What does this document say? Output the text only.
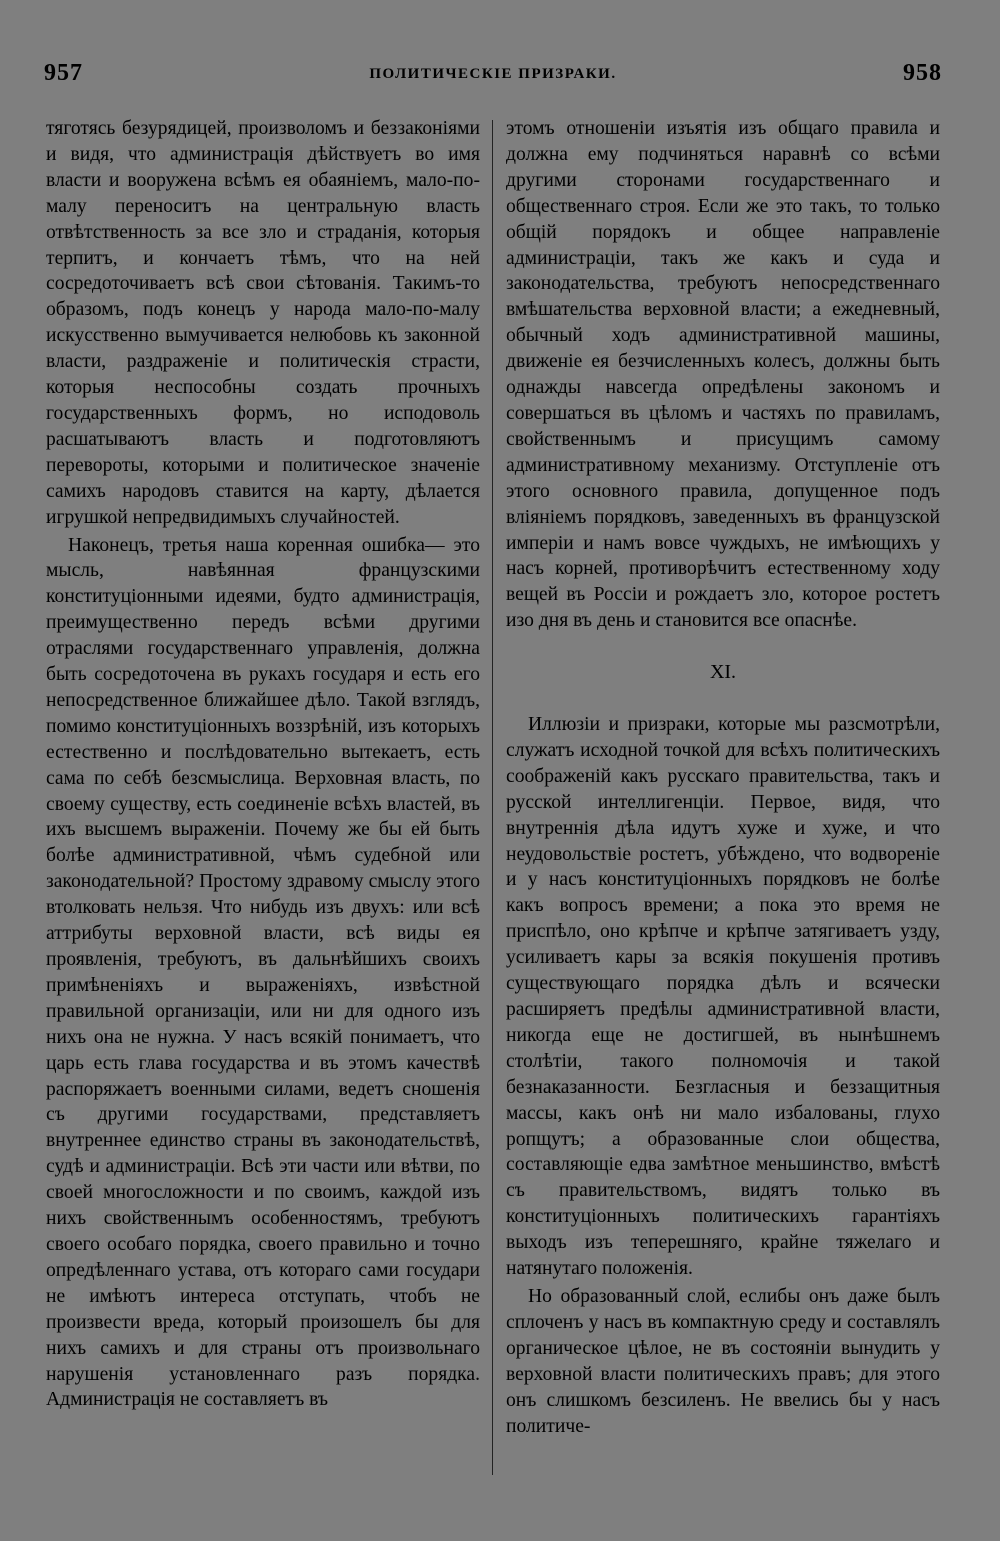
957	ПОЛИТИЧЕСКІЕ ПРИЗРАКИ.	958

тяготясь безурядицей, произволомъ и беззаконіями и видя, что администрація дѣйствуетъ во имя власти и вооружена всѣмъ ея обаяніемъ, мало-по-малу переноситъ на центральную власть отвѣтственность за все зло и страданія, которыя терпитъ, и кончаетъ тѣмъ, что на ней сосредоточиваетъ всѣ свои сѣтованія. Такимъ-то образомъ, подъ конецъ у народа мало-по-малу искусственно вымучивается нелюбовь къ законной власти, раздраженіе и политическія страсти, которыя неспособны создать прочныхъ государственныхъ формъ, но исподоволь расшатываютъ власть и подготовляютъ перевороты, которыми и политическое значеніе самихъ народовъ ставится на карту, дѣлается игрушкой непредвидимыхъ случайностей.

Наконецъ, третья наша коренная ошибка— это мысль, навѣянная французскими конституціонными идеями, будто администрація, преимущественно передъ всѣми другими отраслями государственнаго управленія, должна быть сосредоточена въ рукахъ государя и есть его непосредственное ближайшее дѣло. Такой взглядъ, помимо конституціонныхъ воззрѣній, изъ которыхъ естественно и послѣдовательно вытекаетъ, есть сама по себѣ безсмыслица. Верховная власть, по своему существу, есть соединеніе всѣхъ властей, въ ихъ высшемъ выраженіи. Почему же бы ей быть болѣе административной, чѣмъ судебной или законодательной? Простому здравому смыслу этого втолковать нельзя. Что нибудь изъ двухъ: или всѣ аттрибуты верховной власти, всѣ виды ея проявленія, требуютъ, въ дальнѣйшихъ своихъ примѣненіяхъ и выраженіяхъ, извѣстной правильной организаціи, или ни для одного изъ нихъ она не нужна. У насъ всякій понимаетъ, что царь есть глава государства и въ этомъ качествѣ распоряжаетъ военными силами, ведетъ сношенія съ другими государствами, представляетъ внутреннее единство страны въ законодательствѣ, судѣ и администраціи. Всѣ эти части или вѣтви, по своей многосложности и по своимъ, каждой изъ нихъ свойственнымъ особенностямъ, требуютъ своего особаго порядка, своего правильно и точно опредѣленнаго устава, отъ котораго сами государи не имѣютъ интереса отступать, чтобъ не произвести вреда, который произошелъ бы для нихъ самихъ и для страны отъ произвольнаго нарушенія установленнаго разъ порядка. Администрація не составляетъ въ

этомъ отношеніи изъятія изъ общаго правила и должна ему подчиняться наравнѣ со всѣми другими сторонами государственнаго и общественнаго строя. Если же это такъ, то только общій порядокъ и общее направленіе администраціи, такъ же какъ и суда и законодательства, требуютъ непосредственнаго вмѣшательства верховной власти; а ежедневный, обычный ходъ административной машины, движеніе ея безчисленныхъ колесъ, должны быть однажды навсегда опредѣлены закономъ и совершаться въ цѣломъ и частяхъ по правиламъ, свойственнымъ и присущимъ самому административному механизму. Отступленіе отъ этого основного правила, допущенное подъ вліяніемъ порядковъ, заведенныхъ въ французской имперіи и намъ вовсе чуждыхъ, не имѣющихъ у насъ корней, противорѣчитъ естественному ходу вещей въ Россіи и рождаетъ зло, которое ростетъ изо дня въ день и становится все опаснѣе.

XI.

Иллюзіи и призраки, которые мы разсмотрѣли, служатъ исходной точкой для всѣхъ политическихъ соображеній какъ русскаго правительства, такъ и русской интеллигенціи. Первое, видя, что внутреннія дѣла идутъ хуже и хуже, и что неудовольствіе ростетъ, убѣждено, что водвореніе и у насъ конституціонныхъ порядковъ не болѣе какъ вопросъ времени; а пока это время не приспѣло, оно крѣпче и крѣпче затягиваетъ узду, усиливаетъ кары за всякія покушенія противъ существующаго порядка дѣлъ и всячески расширяетъ предѣлы административной власти, никогда еще не достигшей, въ нынѣшнемъ столѣтіи, такого полномочія и такой безнаказанности. Безгласныя и беззащитныя массы, какъ онѣ ни мало избалованы, глухо ропщутъ; а образованные слои общества, составляющіе едва замѣтное меньшинство, вмѣстѣ съ правительствомъ, видятъ только въ конституціонныхъ политическихъ гарантіяхъ выходъ изъ теперешняго, крайне тяжелаго и натянутаго положенія.

Но образованный слой, еслибы онъ даже былъ сплоченъ у насъ въ компактную среду и составлялъ органическое цѣлое, не въ состояніи вынудить у верховной власти политическихъ правъ; для этого онъ слишкомъ безсиленъ. Не ввелись бы у насъ политиче-
